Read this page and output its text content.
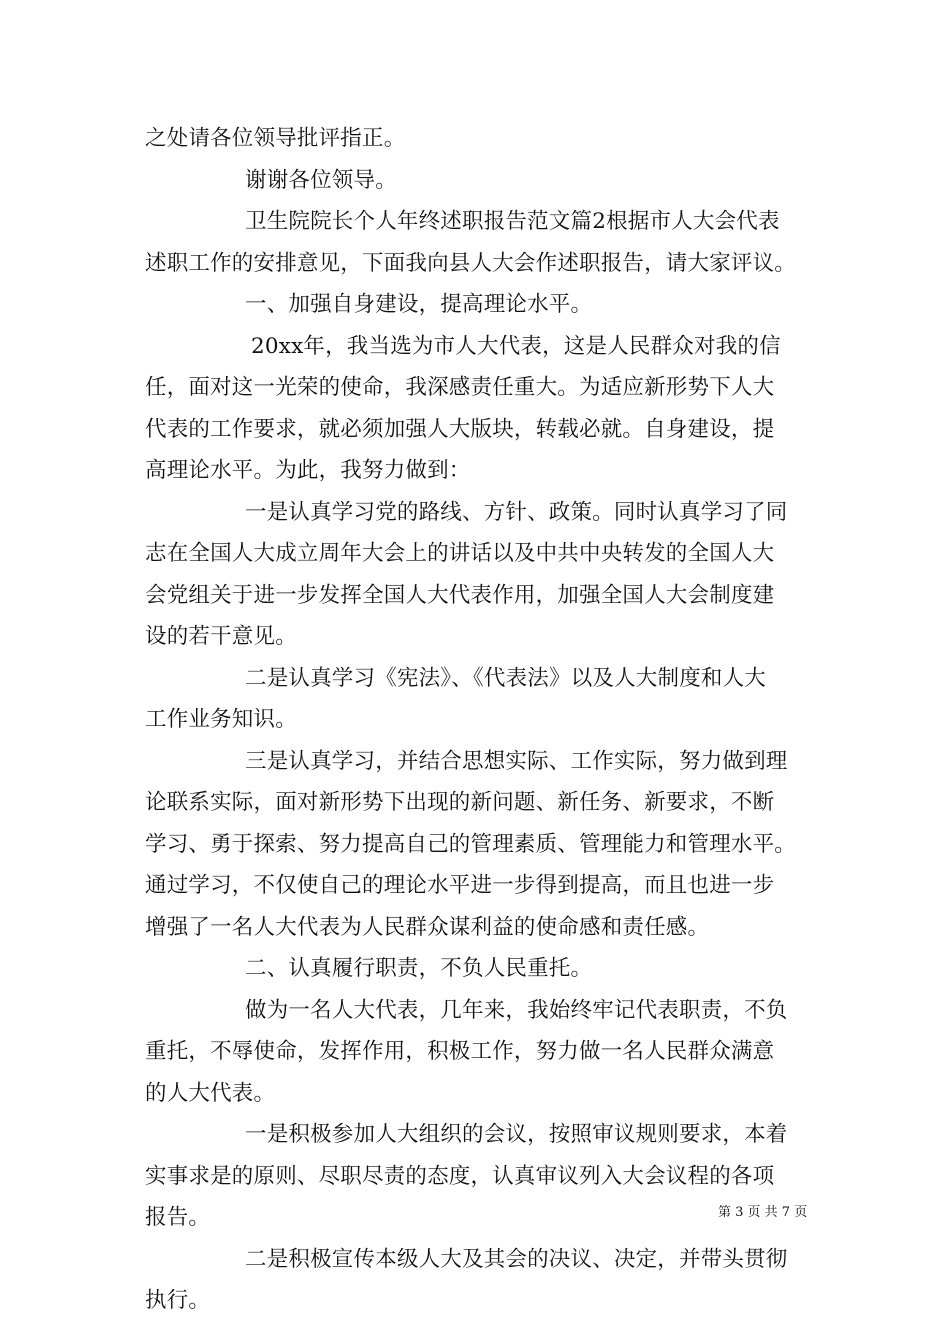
之处请各位领导批评指正。
谢谢各位领导。
卫生院院长个人年终述职报告范文篇2根据市人大会代表
述职工作的安排意见，下面我向县人大会作述职报告，请大家评议。
一、加强自身建设，提高理论水平。
20xx年，我当选为市人大代表，这是人民群众对我的信
任，面对这一光荣的使命，我深感责任重大。为适应新形势下人大
代表的工作要求，就必须加强人大版块，转载必就。自身建设，提
高理论水平。为此，我努力做到：
一是认真学习党的路线、方针、政策。同时认真学习了同
志在全国人大成立周年大会上的讲话以及中共中央转发的全国人大
会党组关于进一步发挥全国人大代表作用，加强全国人大会制度建
设的若干意见。
二是认真学习《宪法》、《代表法》以及人大制度和人大
工作业务知识。
三是认真学习，并结合思想实际、工作实际，努力做到理
论联系实际，面对新形势下出现的新问题、新任务、新要求，不断
学习、勇于探索、努力提高自己的管理素质、管理能力和管理水平。
通过学习，不仅使自己的理论水平进一步得到提高，而且也进一步
增强了一名人大代表为人民群众谋利益的使命感和责任感。
二、认真履行职责，不负人民重托。
做为一名人大代表，几年来，我始终牢记代表职责，不负
重托，不辱使命，发挥作用，积极工作，努力做一名人民群众满意
的人大代表。
一是积极参加人大组织的会议，按照审议规则要求，本着
实事求是的原则、尽职尽责的态度，认真审议列入大会议程的各项
报告。
二是积极宣传本级人大及其会的决议、决定，并带头贯彻
执行。
第 3 页 共 7 页
